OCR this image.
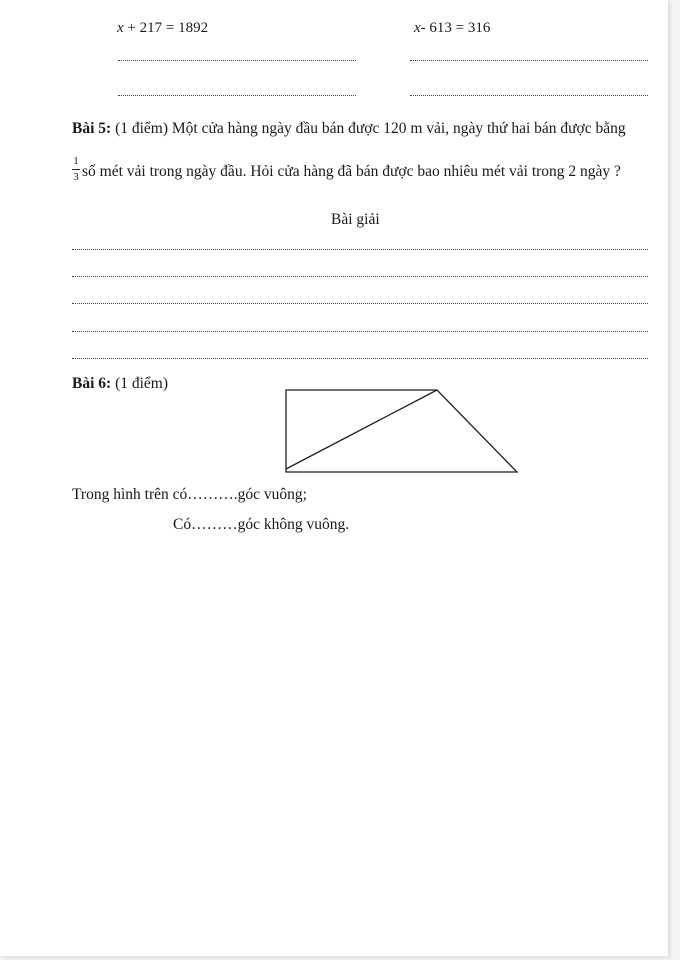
x + 217 = 1892	x- 613 = 316
Bài 5: (1 điểm) Một cửa hàng ngày đầu bán được 120 m vải, ngày thứ hai bán được bằng
1
3 số mét vải trong ngày đầu. Hỏi cửa hàng đã bán được bao nhiêu mét vải trong 2 ngày ?
Bài giải
Bài 6: (1 điểm)
Trong hình trên có……….góc vuông;
Có………góc không vuông.
